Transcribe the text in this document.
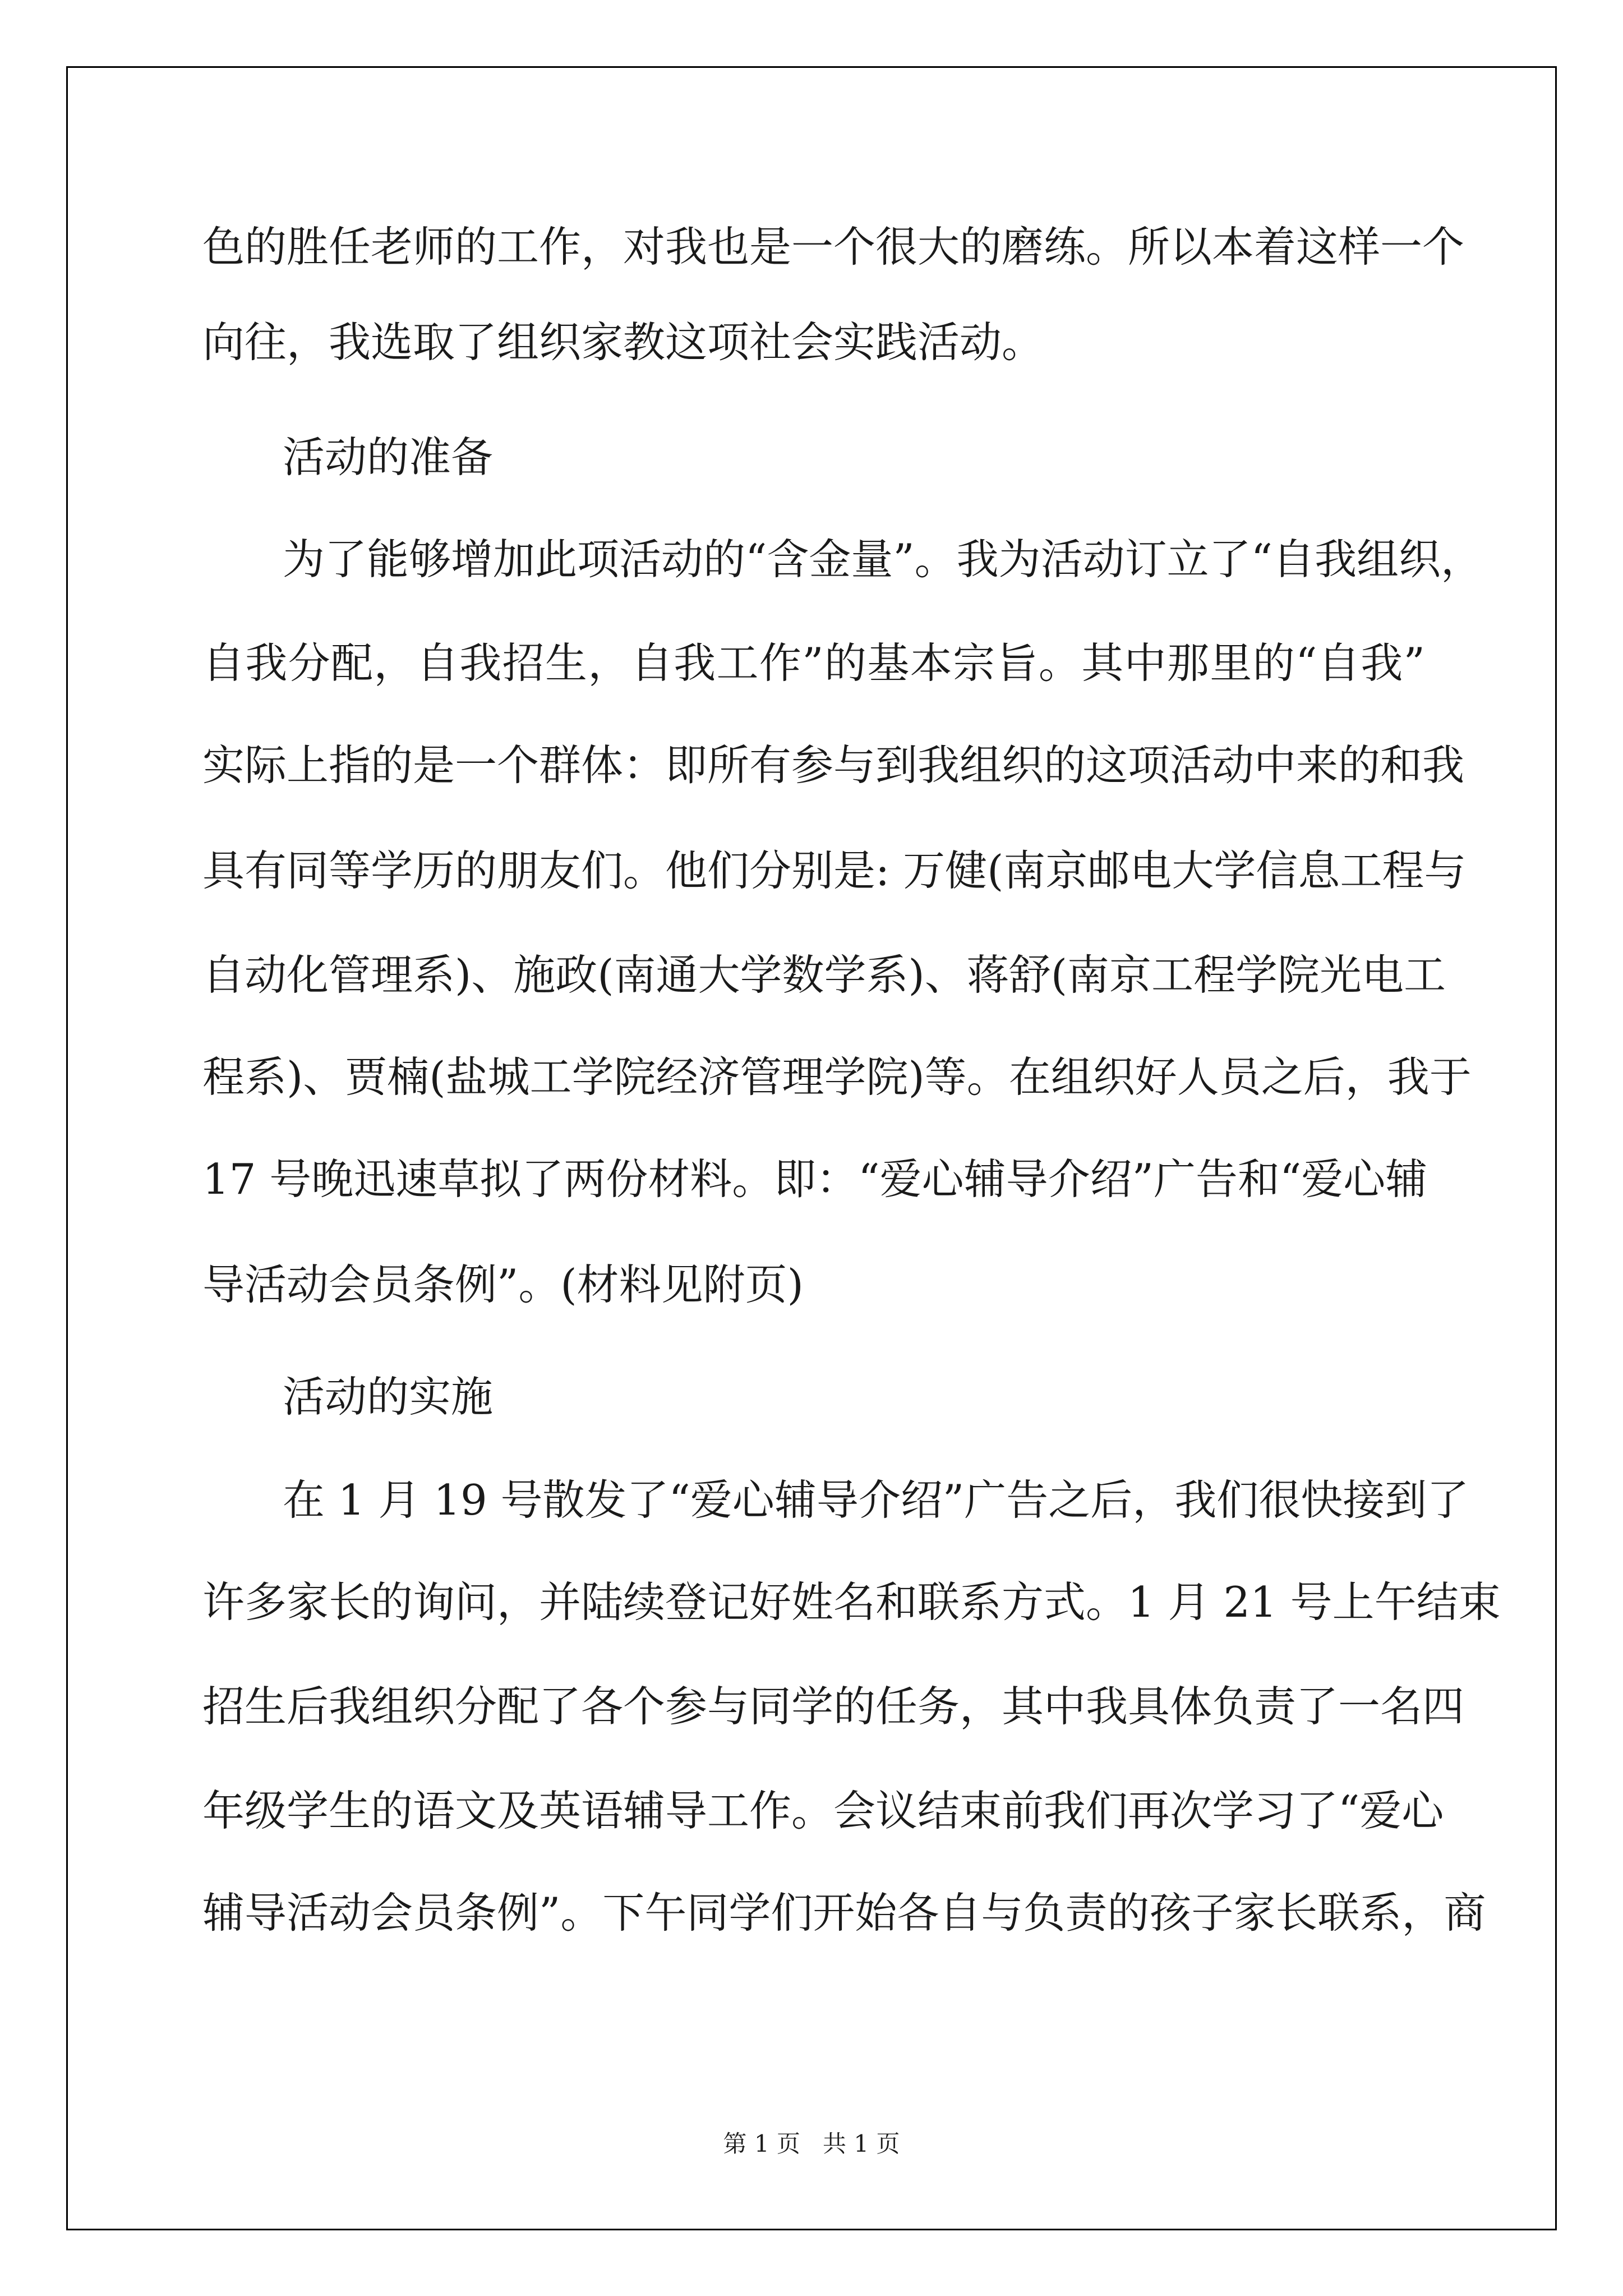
色的胜任老师的工作，对我也是一个很大的磨练。所以本着这样一个

向往，我选取了组织家教这项社会实践活动。

活动的准备

为了能够增加此项活动的“含金量”。我为活动订立了“自我组织，

自我分配，自我招生，自我工作”的基本宗旨。其中那里的“自我”

实际上指的是一个群体：即所有参与到我组织的这项活动中来的和我

具有同等学历的朋友们。他们分别是: 万健(南京邮电大学信息工程与

自动化管理系)、施政(南通大学数学系)、蒋舒(南京工程学院光电工

程系)、贾楠(盐城工学院经济管理学院)等。在组织好人员之后，我于

17 号晚迅速草拟了两份材料。即：“爱心辅导介绍”广告和“爱心辅

导活动会员条例”。(材料见附页)

活动的实施

在 1 月 19 号散发了“爱心辅导介绍”广告之后，我们很快接到了

许多家长的询问，并陆续登记好姓名和联系方式。1 月 21 号上午结束

招生后我组织分配了各个参与同学的任务，其中我具体负责了一名四

年级学生的语文及英语辅导工作。会议结束前我们再次学习了“爱心

辅导活动会员条例”。下午同学们开始各自与负责的孩子家长联系，商

第 1 页   共 1 页
